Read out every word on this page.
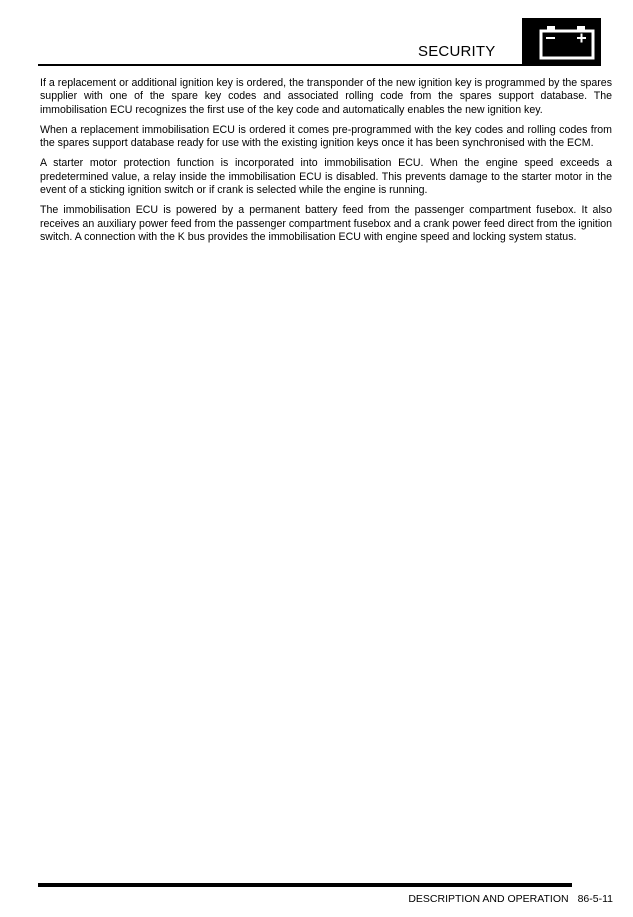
SECURITY

If a replacement or additional ignition key is ordered, the transponder of the new ignition key is programmed by the spares supplier with one of the spare key codes and associated rolling code from the spares support database. The immobilisation ECU recognizes the first use of the key code and automatically enables the new ignition key.

When a replacement immobilisation ECU is ordered it comes pre-programmed with the key codes and rolling codes from the spares support database ready for use with the existing ignition keys once it has been synchronised with the ECM.

A starter motor protection function is incorporated into immobilisation ECU. When the engine speed exceeds a predetermined value, a relay inside the immobilisation ECU is disabled. This prevents damage to the starter motor in the event of a sticking ignition switch or if crank is selected while the engine is running.

The immobilisation ECU is powered by a permanent battery feed from the passenger compartment fusebox. It also receives an auxiliary power feed from the passenger compartment fusebox and a crank power feed direct from the ignition switch. A connection with the K bus provides the immobilisation ECU with engine speed and locking system status.

DESCRIPTION AND OPERATION 86-5-11
